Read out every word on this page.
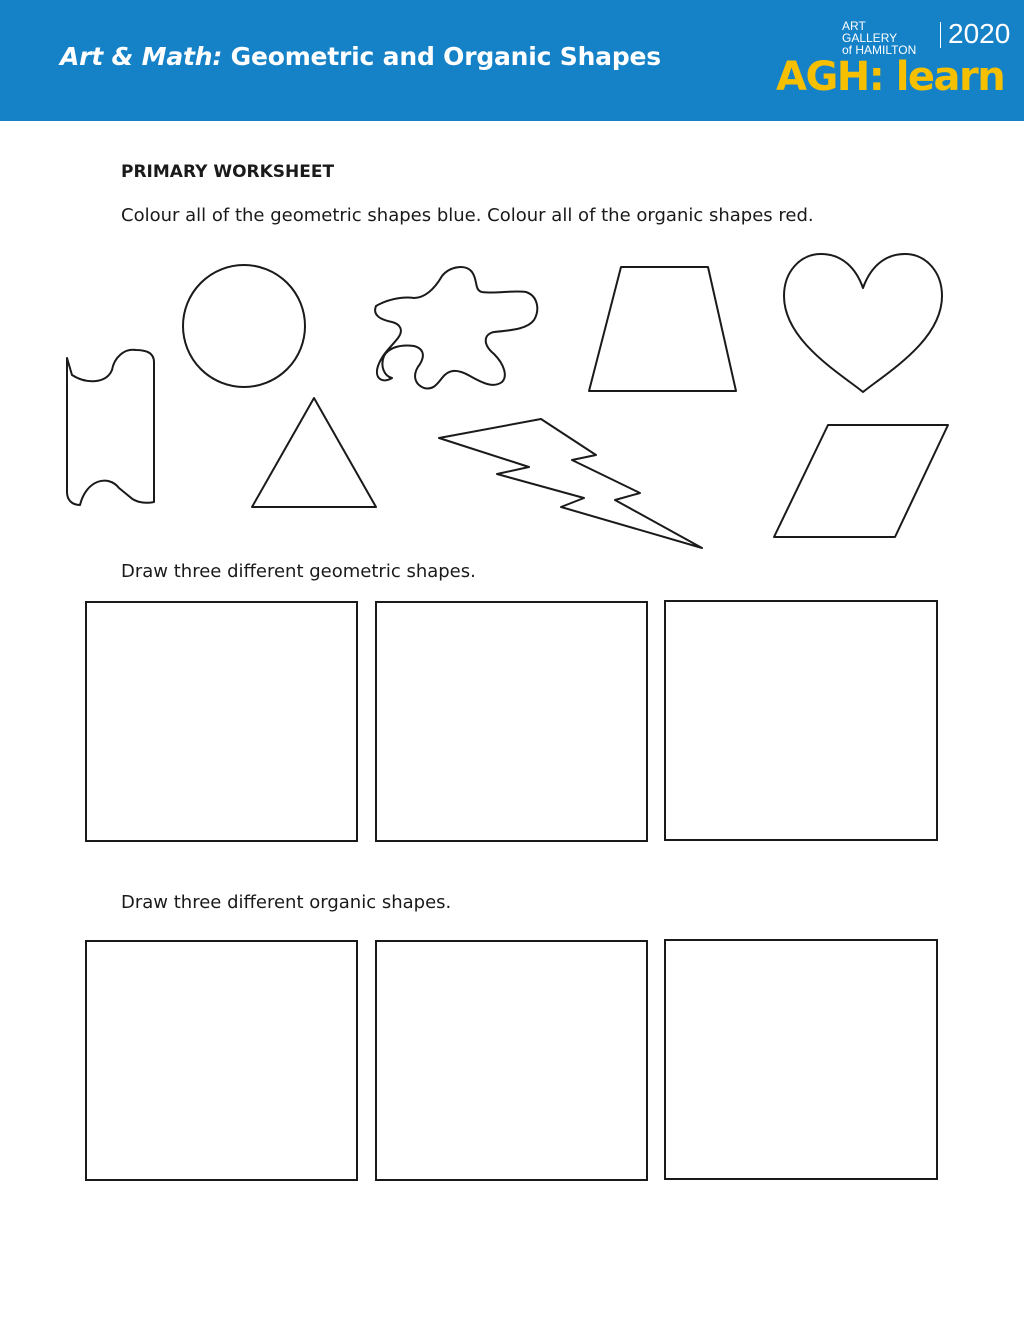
Art & Math: Geometric and Organic Shapes
ART GALLERY
of HAMILTON
2020
AGH: learn
PRIMARY WORKSHEET
Colour all of the geometric shapes blue. Colour all of the organic shapes red.
Draw three different geometric shapes.
Draw three different organic shapes.
